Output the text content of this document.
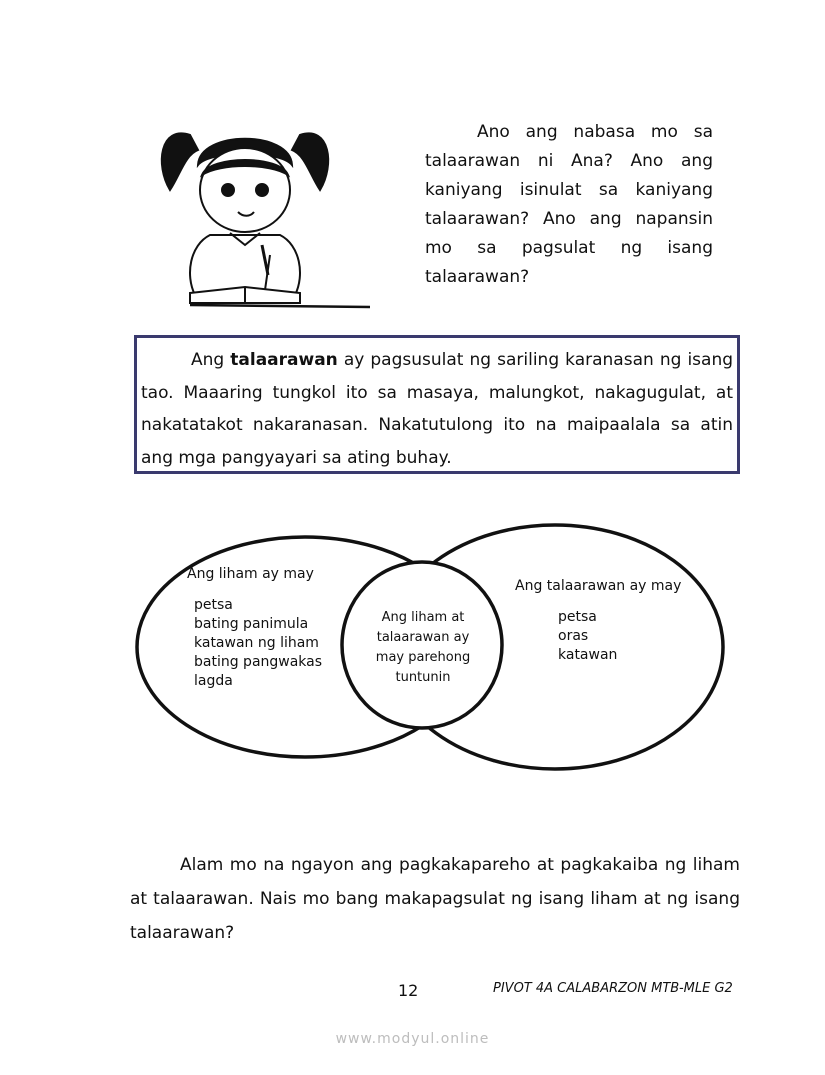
Ano ang nabasa mo sa talaarawan ni Ana? Ano ang kaniyang isinulat sa kaniyang talaarawan? Ano ang napansin mo sa pagsulat ng isang talaarawan?
Ang talaarawan ay pagsusulat ng sariling karanasan ng isang tao. Maaaring tungkol ito sa masaya, malungkot, nakagugulat, at nakatatakot nakaranasan. Nakatutulong ito na maipaalala sa atin ang mga pangyayari sa ating buhay.
Ang liham ay may
petsa
bating panimula
katawan ng liham
bating pangwakas
lagda
Ang liham at
talaarawan ay
may parehong
tuntunin
Ang talaarawan ay may
petsa
oras
katawan
Alam mo na ngayon ang pagkakapareho at pagkakaiba ng liham at talaarawan. Nais mo bang makapagsulat ng isang liham at ng isang talaarawan?
12	PIVOT 4A CALABARZON MTB-MLE G2
www.modyul.online
